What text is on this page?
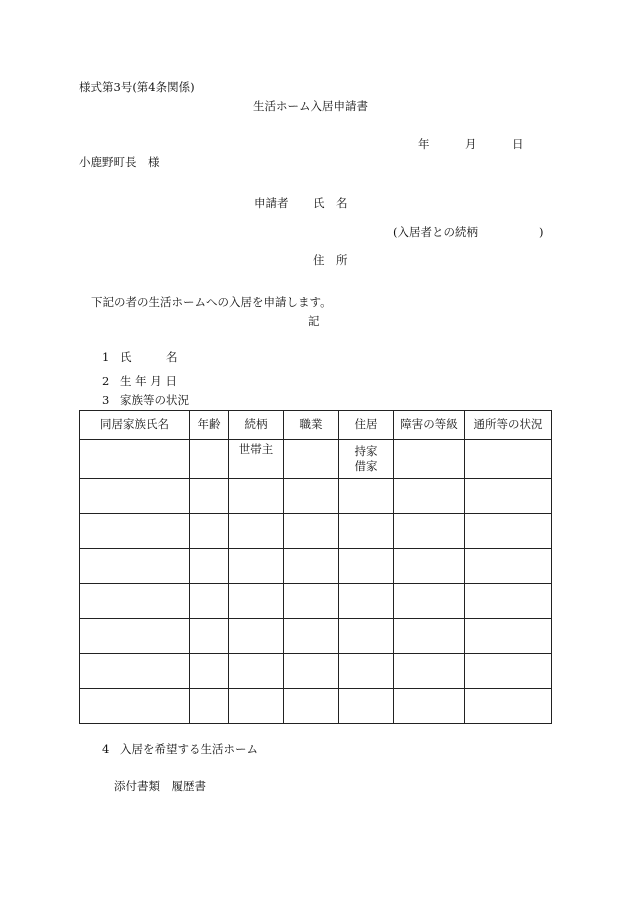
様式第3号(第4条関係)
生活ホーム入居申請書
年	月	日
小鹿野町長　様
申請者 氏　名
(入居者との続柄	)
住　所
下記の者の生活ホームへの入居を申請します。
記
1 氏　　　名
2 生 年 月 日
3 家族等の状況
同居家族氏名	年齢	続柄	職業	住居	障害の等級	通所等の状況
		世帯主		持家
借家		

4 入居を希望する生活ホーム
添付書類　履歴書
